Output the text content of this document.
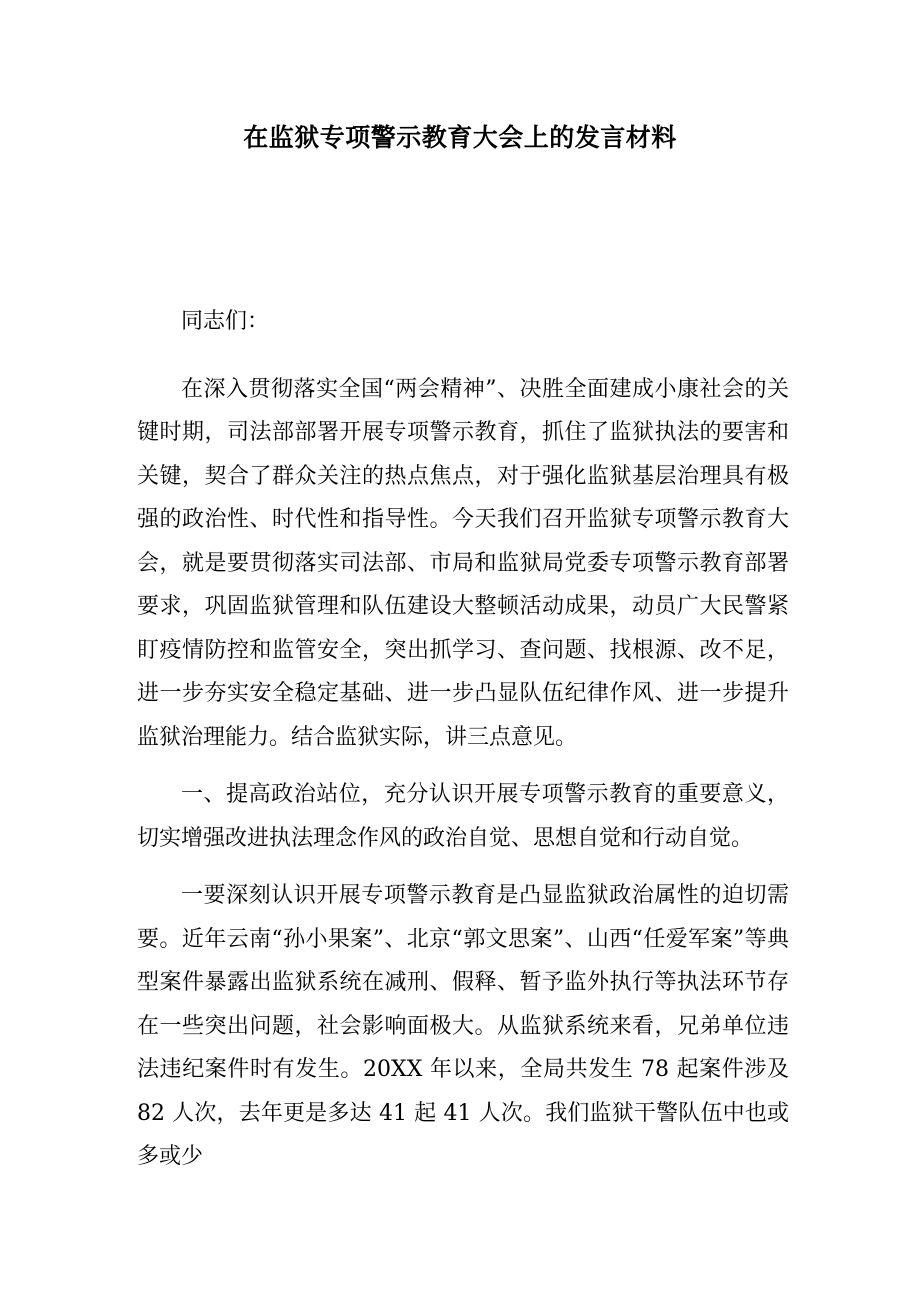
在监狱专项警示教育大会上的发言材料

同志们：

在深入贯彻落实全国“两会精神”、决胜全面建成小康社会的关键时期，司法部部署开展专项警示教育，抓住了监狱执法的要害和关键，契合了群众关注的热点焦点，对于强化监狱基层治理具有极强的政治性、时代性和指导性。今天我们召开监狱专项警示教育大会，就是要贯彻落实司法部、市局和监狱局党委专项警示教育部署要求，巩固监狱管理和队伍建设大整顿活动成果，动员广大民警紧盯疫情防控和监管安全，突出抓学习、查问题、找根源、改不足，进一步夯实安全稳定基础、进一步凸显队伍纪律作风、进一步提升监狱治理能力。结合监狱实际，讲三点意见。

一、提高政治站位，充分认识开展专项警示教育的重要意义，切实增强改进执法理念作风的政治自觉、思想自觉和行动自觉。

一要深刻认识开展专项警示教育是凸显监狱政治属性的迫切需要。近年云南“孙小果案”、北京“郭文思案”、山西“任爱军案”等典型案件暴露出监狱系统在减刑、假释、暂予监外执行等执法环节存在一些突出问题，社会影响面极大。从监狱系统来看，兄弟单位违法违纪案件时有发生。20XX 年以来，全局共发生 78 起案件涉及 82 人次，去年更是多达 41 起 41 人次。我们监狱干警队伍中也或多或少
